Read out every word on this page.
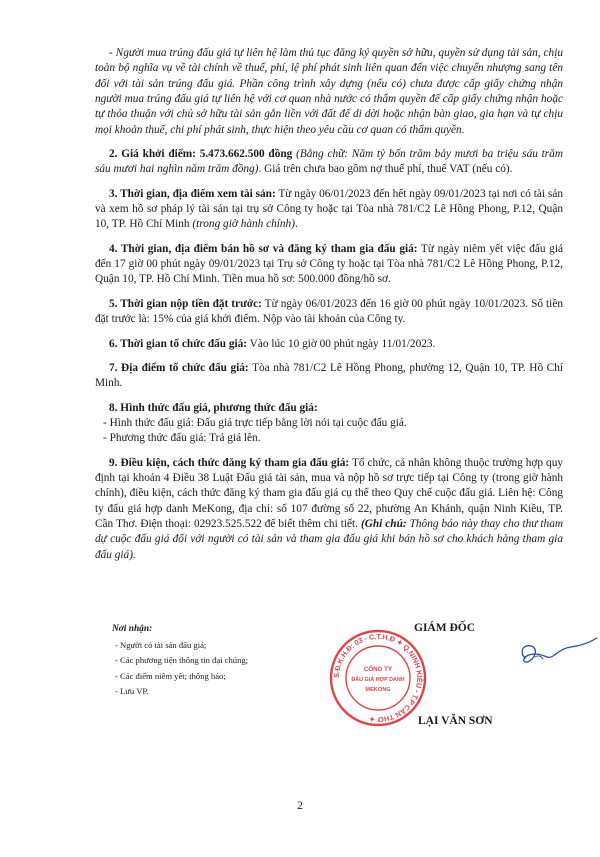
- Người mua trúng đấu giá tự liên hệ làm thủ tục đăng ký quyền sở hữu, quyền sử dụng tài sản, chịu toàn bộ nghĩa vụ về tài chính về thuế, phí, lệ phí phát sinh liên quan đến việc chuyển nhượng sang tên đối với tài sản trúng đấu giá. Phần công trình xây dựng (nếu có) chưa được cấp giấy chứng nhận người mua trúng đấu giá tự liên hệ với cơ quan nhà nước có thẩm quyền để cấp giấy chứng nhận hoặc tự thỏa thuận với chủ sở hữu tài sản gắn liền với đất để di dời hoặc nhận bàn giao, gia hạn và tự chịu mọi khoản thuế, chi phí phát sinh, thực hiện theo yêu cầu cơ quan có thẩm quyền.

2. Giá khởi điểm: 5.473.662.500 đồng (Bằng chữ: Năm tỷ bốn trăm bảy mươi ba triệu sáu trăm sáu mươi hai nghìn năm trăm đồng). Giá trên chưa bao gồm nợ thuế phí, thuế VAT (nếu có).

3. Thời gian, địa điểm xem tài sản: Từ ngày 06/01/2023 đến hết ngày 09/01/2023 tại nơi có tài sản và xem hồ sơ pháp lý tài sản tại trụ sở Công ty hoặc tại Tòa nhà 781/C2 Lê Hồng Phong, P.12, Quận 10, TP. Hồ Chí Minh (trong giờ hành chính).

4. Thời gian, địa điểm bán hồ sơ và đăng ký tham gia đấu giá: Từ ngày niêm yết việc đấu giá đến 17 giờ 00 phút ngày 09/01/2023 tại Trụ sở Công ty hoặc tại Tòa nhà 781/C2 Lê Hồng Phong, P.12, Quận 10, TP. Hồ Chí Minh. Tiền mua hồ sơ: 500.000 đồng/hồ sơ.

5. Thời gian nộp tiền đặt trước: Từ ngày 06/01/2023 đến 16 giờ 00 phút ngày 10/01/2023. Số tiền đặt trước là: 15% của giá khởi điểm. Nộp vào tài khoản của Công ty.

6. Thời gian tổ chức đấu giá: Vào lúc 10 giờ 00 phút ngày 11/01/2023.

7. Địa điểm tổ chức đấu giá: Tòa nhà 781/C2 Lê Hồng Phong, phường 12, Quận 10, TP. Hồ Chí Minh.

8. Hình thức đấu giá, phương thức đấu giá:

- Hình thức đấu giá: Đấu giá trực tiếp bằng lời nói tại cuộc đấu giá.

- Phương thức đấu giá: Trả giá lên.

9. Điều kiện, cách thức đăng ký tham gia đấu giá: Tổ chức, cá nhân không thuộc trường hợp quy định tại khoản 4 Điều 38 Luật Đấu giá tài sản, mua và nộp hồ sơ trực tiếp tại Công ty (trong giờ hành chính), điều kiện, cách thức đăng ký tham gia đấu giá cụ thể theo Quy chế cuộc đấu giá. Liên hệ: Công ty đấu giá hợp danh MeKong, địa chỉ: số 107 đường số 22, phường An Khánh, quận Ninh Kiều, TP. Cần Thơ. Điện thoại: 02923.525.522 để biết thêm chi tiết. (Ghi chú: Thông báo này thay cho thư tham dự cuộc đấu giá đối với người có tài sản và tham gia đấu giá khi bán hồ sơ cho khách hàng tham gia đấu giá).

Nơi nhận:
- Người có tài sản đấu giá;
- Các phương tiện thông tin đại chúng;
- Các điểm niêm yết; thông báo;
- Lưu VP.
GIÁM ĐỐC
S.Đ.K.H.Đ: 03 - C.T.H.Đ ✦ Q.NINH KIỀU - T.P CẦN THƠ ✦
CÔNG TY
ĐẤU GIÁ HỢP DANH
MEKONG
LẠI VĂN SƠN
2
